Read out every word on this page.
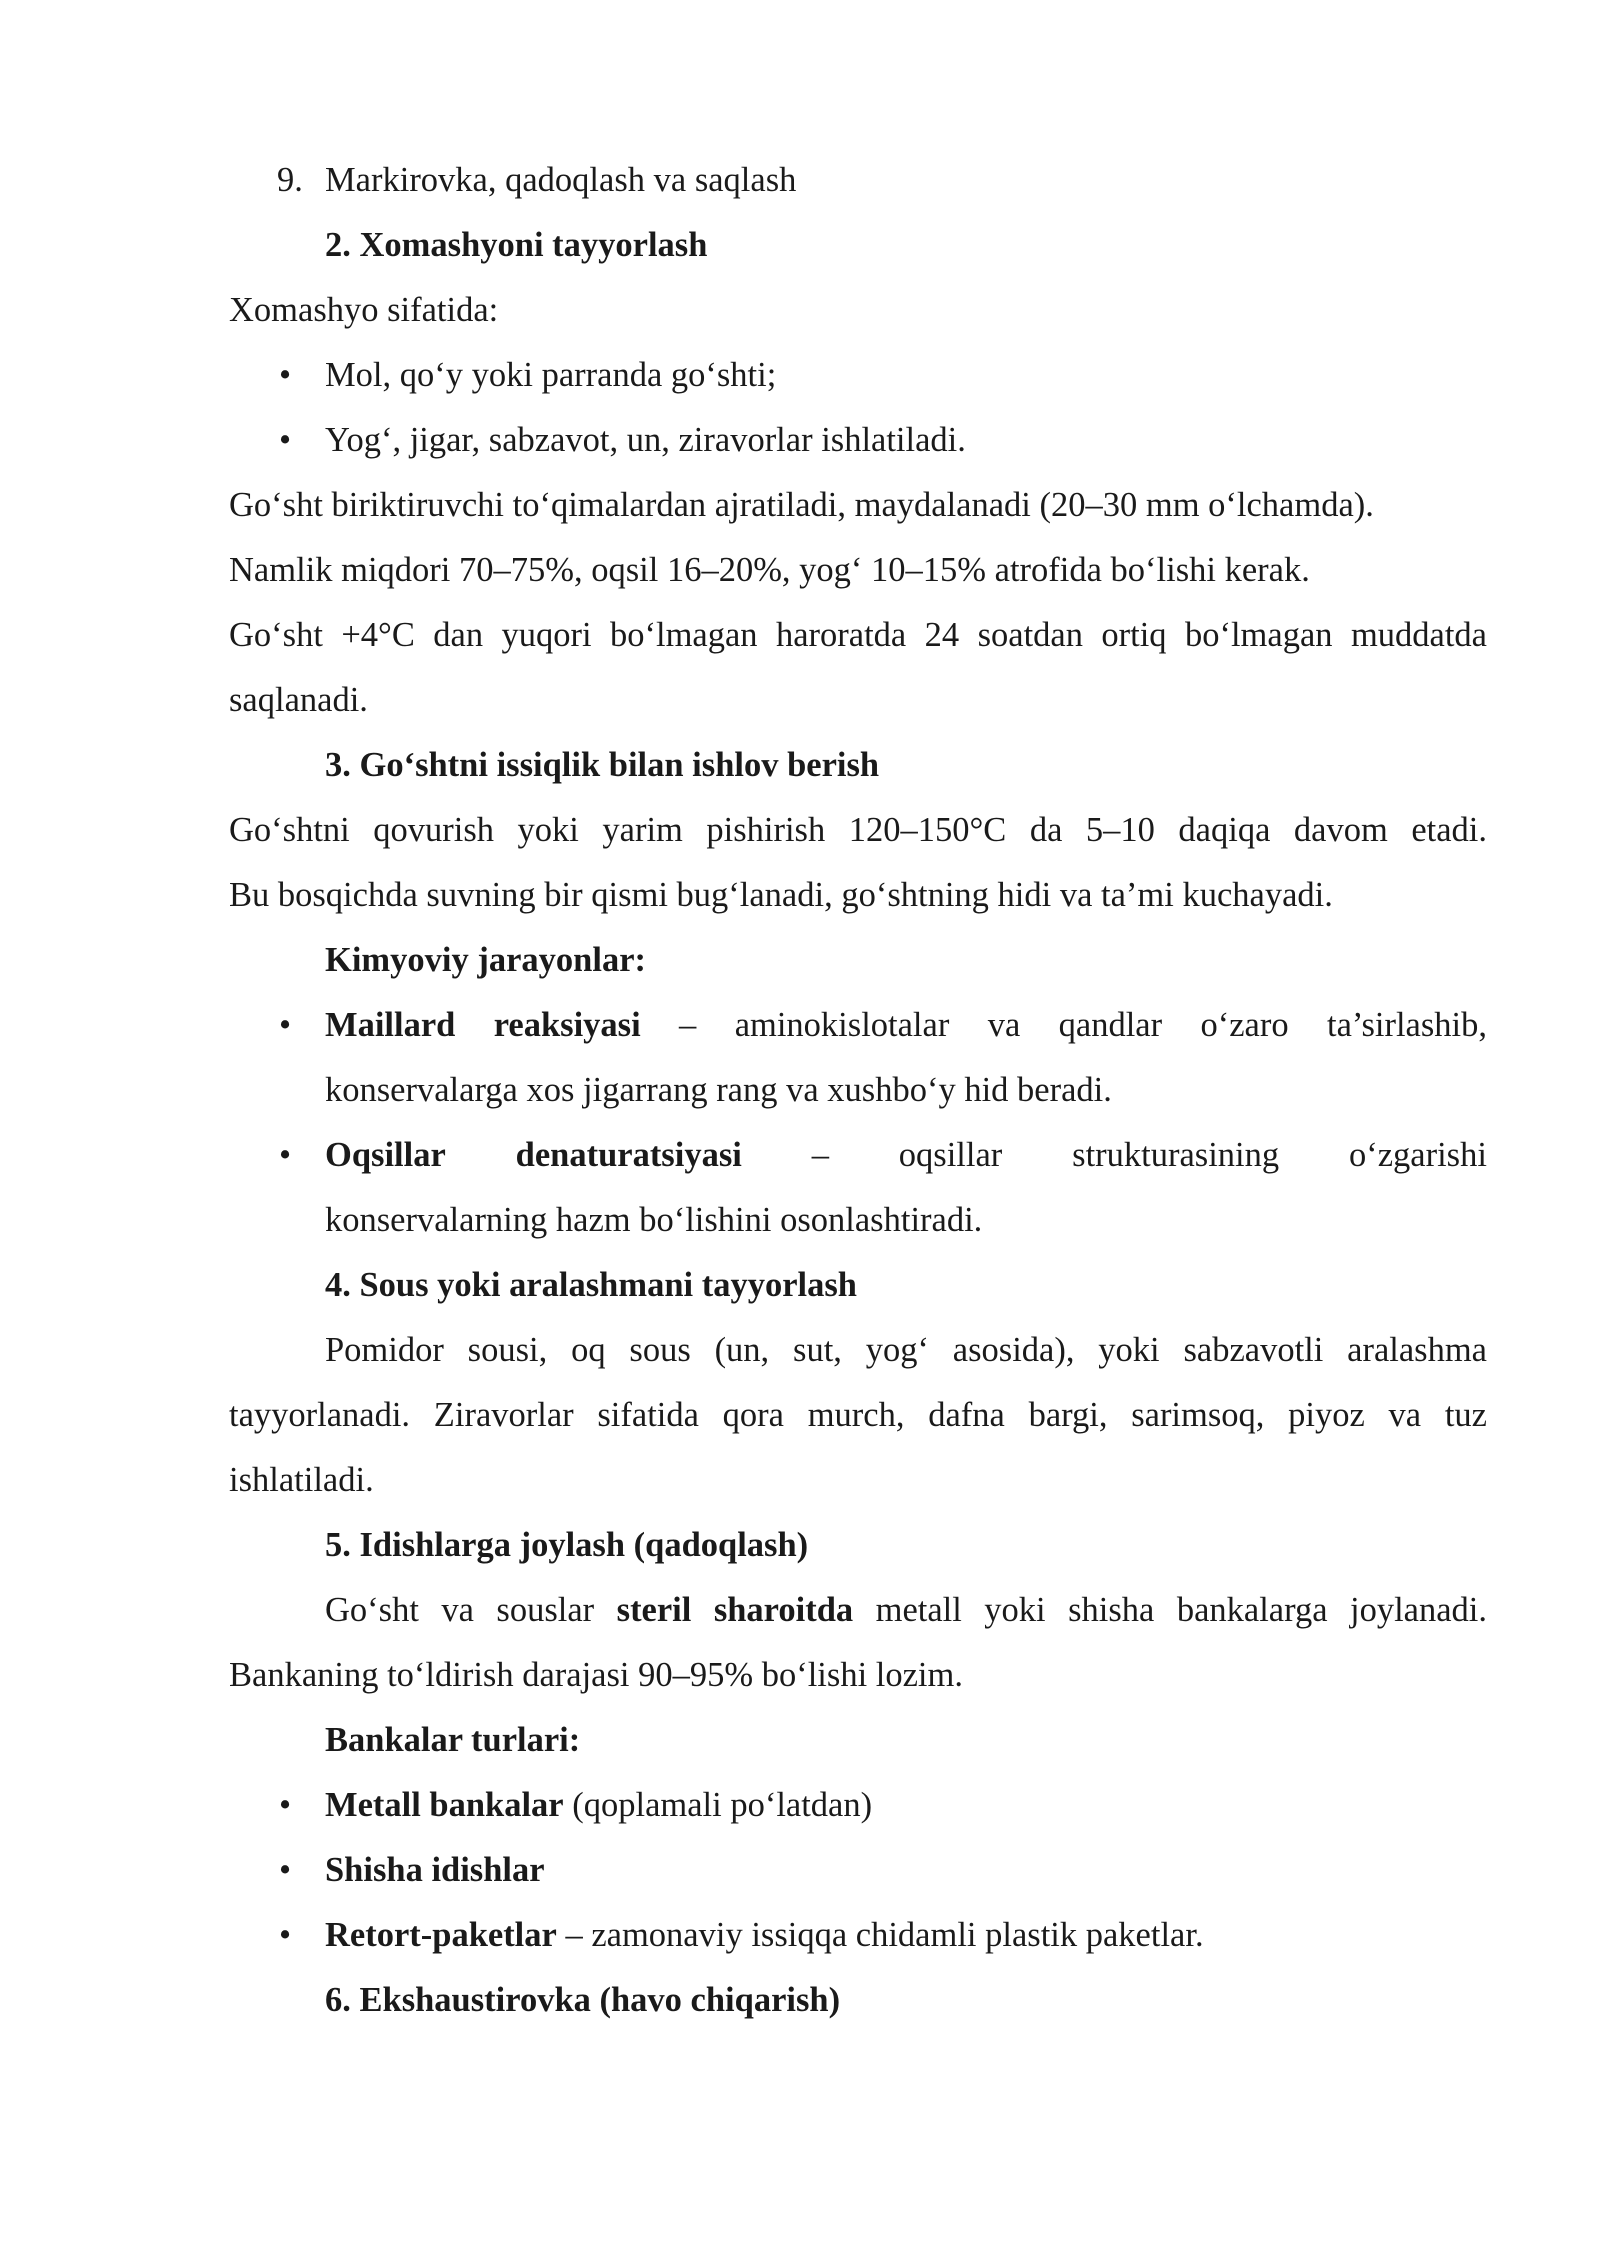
9. Markirovka, qadoqlash va saqlash
2. Xomashyoni tayyorlash
Xomashyo sifatida:
• Mol, qo‘y yoki parranda go‘shti;
• Yog‘, jigar, sabzavot, un, ziravorlar ishlatiladi.
Go‘sht biriktiruvchi to‘qimalardan ajratiladi, maydalanadi (20–30 mm o‘lchamda).
Namlik miqdori 70–75%, oqsil 16–20%, yog‘ 10–15% atrofida bo‘lishi kerak.
Go‘sht +4°C dan yuqori bo‘lmagan haroratda 24 soatdan ortiq bo‘lmagan muddatda
saqlanadi.
3. Go‘shtni issiqlik bilan ishlov berish
Go‘shtni qovurish yoki yarim pishirish 120–150°C da 5–10 daqiqa davom etadi.
Bu bosqichda suvning bir qismi bug‘lanadi, go‘shtning hidi va ta’mi kuchayadi.
Kimyoviy jarayonlar:
• Maillard reaksiyasi – aminokislotalar va qandlar o‘zaro ta’sirlashib,
konservalarga xos jigarrang rang va xushbo‘y hid beradi.
• Oqsillar denaturatsiyasi – oqsillar strukturasining o‘zgarishi
konservalarning hazm bo‘lishini osonlashtiradi.
4. Sous yoki aralashmani tayyorlash
Pomidor sousi, oq sous (un, sut, yog‘ asosida), yoki sabzavotli aralashma
tayyorlanadi. Ziravorlar sifatida qora murch, dafna bargi, sarimsoq, piyoz va tuz
ishlatiladi.
5. Idishlarga joylash (qadoqlash)
Go‘sht va souslar steril sharoitda metall yoki shisha bankalarga joylanadi.
Bankaning to‘ldirish darajasi 90–95% bo‘lishi lozim.
Bankalar turlari:
• Metall bankalar (qoplamali po‘latdan)
• Shisha idishlar
• Retort-paketlar – zamonaviy issiqqa chidamli plastik paketlar.
6. Ekshaustirovka (havo chiqarish)
